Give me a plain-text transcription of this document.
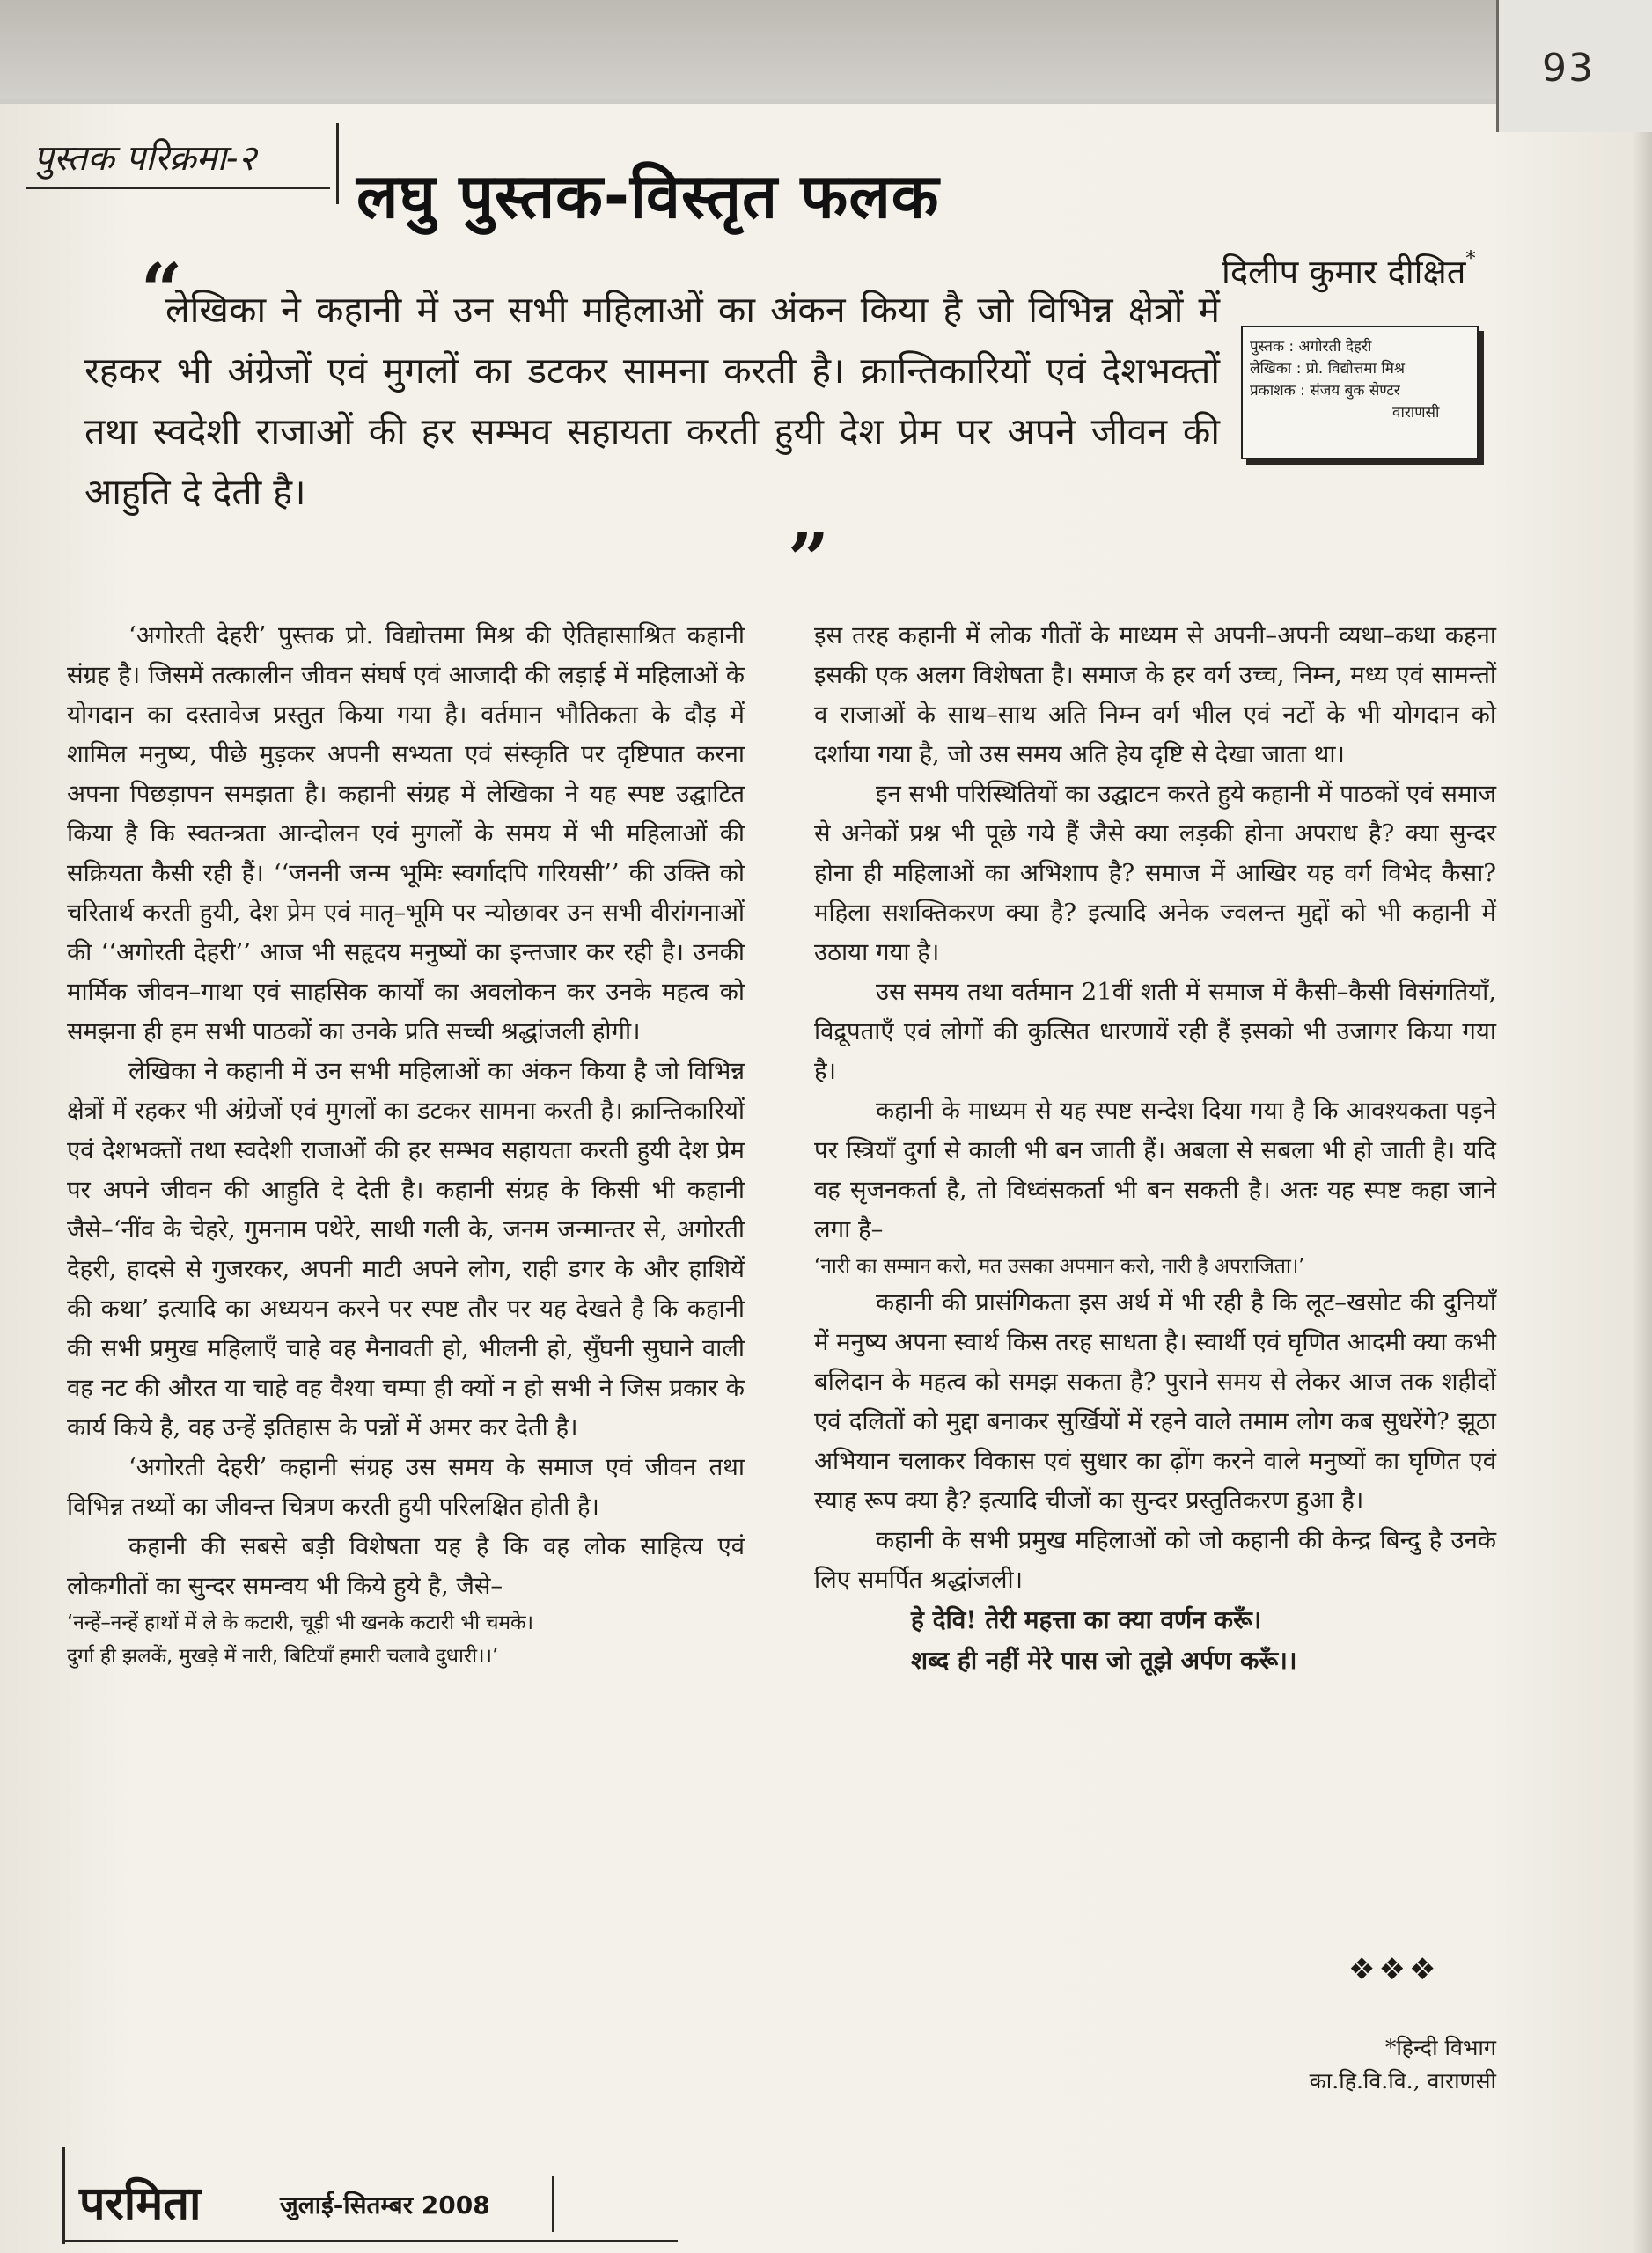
93
पुस्तक परिक्रमा-२
लघु पुस्तक-विस्तृत फलक
दिलीप कुमार दीक्षित*
पुस्तक : अगोरती देहरी
लेखिका : प्रो. विद्योत्तमा मिश्र
प्रकाशक : संजय बुक सेण्टर
वाराणसी
“

लेखिका ने कहानी में उन सभी महिलाओं का अंकन किया है जो विभिन्न क्षेत्रों में रहकर भी अंग्रेजों एवं मुगलों का डटकर सामना करती है। क्रान्तिकारियों एवं देशभक्तों तथा स्वदेशी राजाओं की हर सम्भव सहायता करती हुयी देश प्रेम पर अपने जीवन की आहुति दे देती है।

”

‘अगोरती देहरी’ पुस्तक प्रो. विद्योत्तमा मिश्र की ऐतिहासाश्रित कहानी संग्रह है। जिसमें तत्कालीन जीवन संघर्ष एवं आजादी की लड़ाई में महिलाओं के योगदान का दस्तावेज प्रस्तुत किया गया है। वर्तमान भौतिकता के दौड़ में शामिल मनुष्य, पीछे मुड़कर अपनी सभ्यता एवं संस्कृति पर दृष्टिपात करना अपना पिछड़ापन समझता है। कहानी संग्रह में लेखिका ने यह स्पष्ट उद्घाटित किया है कि स्वतन्त्रता आन्दोलन एवं मुगलों के समय में भी महिलाओं की सक्रियता कैसी रही हैं। ‘‘जननी जन्म भूमिः स्वर्गादपि गरियसी’’ की उक्ति को चरितार्थ करती हुयी, देश प्रेम एवं मातृ–भूमि पर न्योछावर उन सभी वीरांगनाओं की ‘‘अगोरती देहरी’’ आज भी सहृदय मनुष्यों का इन्तजार कर रही है। उनकी मार्मिक जीवन–गाथा एवं साहसिक कार्यों का अवलोकन कर उनके महत्व को समझना ही हम सभी पाठकों का उनके प्रति सच्ची श्रद्धांजली होगी।

लेखिका ने कहानी में उन सभी महिलाओं का अंकन किया है जो विभिन्न क्षेत्रों में रहकर भी अंग्रेजों एवं मुगलों का डटकर सामना करती है। क्रान्तिकारियों एवं देशभक्तों तथा स्वदेशी राजाओं की हर सम्भव सहायता करती हुयी देश प्रेम पर अपने जीवन की आहुति दे देती है। कहानी संग्रह के किसी भी कहानी जैसे–‘नींव के चेहरे, गुमनाम पथेरे, साथी गली के, जनम जन्मान्तर से, अगोरती देहरी, हादसे से गुजरकर, अपनी माटी अपने लोग, राही डगर के और हाशियें की कथा’ इत्यादि का अध्ययन करने पर स्पष्ट तौर पर यह देखते है कि कहानी की सभी प्रमुख महिलाएँ चाहे वह मैनावती हो, भीलनी हो, सुँघनी सुघाने वाली वह नट की औरत या चाहे वह वैश्या चम्पा ही क्यों न हो सभी ने जिस प्रकार के कार्य किये है, वह उन्हें इतिहास के पन्नों में अमर कर देती है।

‘अगोरती देहरी’ कहानी संग्रह उस समय के समाज एवं जीवन तथा विभिन्न तथ्यों का जीवन्त चित्रण करती हुयी परिलक्षित होती है।

कहानी की सबसे बड़ी विशेषता यह है कि वह लोक साहित्य एवं लोकगीतों का सुन्दर समन्वय भी किये हुये है, जैसे–

‘नन्हें–नन्हें हाथों में ले के कटारी, चूड़ी भी खनके कटारी भी चमके।

दुर्गा ही झलकें, मुखड़े में नारी, बिटियाँ हमारी चलावै दुधारी।।’

इस तरह कहानी में लोक गीतों के माध्यम से अपनी–अपनी व्यथा–कथा कहना इसकी एक अलग विशेषता है। समाज के हर वर्ग उच्च, निम्न, मध्य एवं सामन्तों व राजाओं के साथ–साथ अति निम्न वर्ग भील एवं नटों के भी योगदान को दर्शाया गया है, जो उस समय अति हेय दृष्टि से देखा जाता था।

इन सभी परिस्थितियों का उद्घाटन करते हुये कहानी में पाठकों एवं समाज से अनेकों प्रश्न भी पूछे गये हैं जैसे क्या लड़की होना अपराध है? क्या सुन्दर होना ही महिलाओं का अभिशाप है? समाज में आखिर यह वर्ग विभेद कैसा? महिला सशक्तिकरण क्या है? इत्यादि अनेक ज्वलन्त मुद्दों को भी कहानी में उठाया गया है।

उस समय तथा वर्तमान 21वीं शती में समाज में कैसी–कैसी विसंगतियाँ, विद्रूपताएँ एवं लोगों की कुत्सित धारणायें रही हैं इसको भी उजागर किया गया है।

कहानी के माध्यम से यह स्पष्ट सन्देश दिया गया है कि आवश्यकता पड़ने पर स्त्रियाँ दुर्गा से काली भी बन जाती हैं। अबला से सबला भी हो जाती है। यदि वह सृजनकर्ता है, तो विध्वंसकर्ता भी बन सकती है। अतः यह स्पष्ट कहा जाने लगा है–

‘नारी का सम्मान करो, मत उसका अपमान करो, नारी है अपराजिता।’

कहानी की प्रासंगिकता इस अर्थ में भी रही है कि लूट–खसोट की दुनियाँ में मनुष्य अपना स्वार्थ किस तरह साधता है। स्वार्थी एवं घृणित आदमी क्या कभी बलिदान के महत्व को समझ सकता है? पुराने समय से लेकर आज तक शहीदों एवं दलितों को मुद्दा बनाकर सुर्खियों में रहने वाले तमाम लोग कब सुधरेंगे? झूठा अभियान चलाकर विकास एवं सुधार का ढ़ोंग करने वाले मनुष्यों का घृणित एवं स्याह रूप क्या है? इत्यादि चीजों का सुन्दर प्रस्तुतिकरण हुआ है।

कहानी के सभी प्रमुख महिलाओं को जो कहानी की केन्द्र बिन्दु है उनके लिए समर्पित श्रद्धांजली।

हे देवि! तेरी महत्ता का क्या वर्णन करूँ।

शब्द ही नहीं मेरे पास जो तूझे अर्पण करूँ।।

❖❖❖
*हिन्दी विभाग
का.हि.वि.वि., वाराणसी
परमिता	जुलाई-सितम्बर 2008
